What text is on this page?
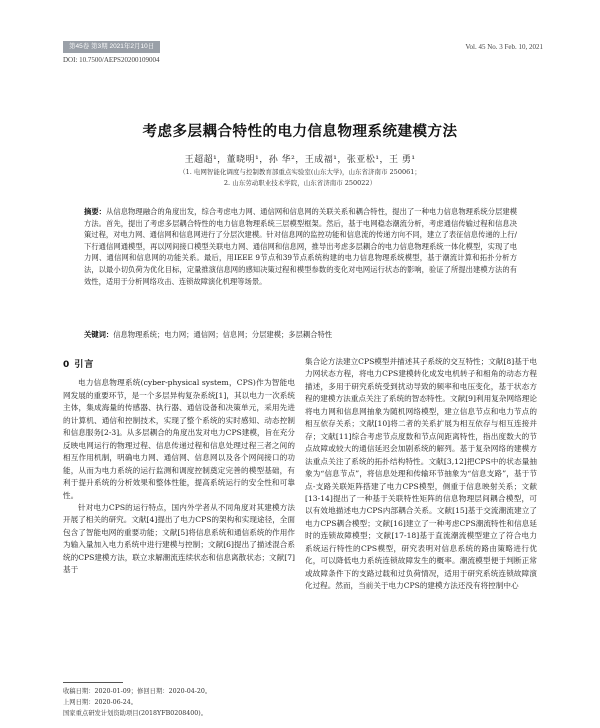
第45卷 第3期 2021年2月10日	Vol. 45 No. 3 Feb. 10, 2021
DOI: 10.7500/AEPS20200109004
考虑多层耦合特性的电力信息物理系统建模方法
王超超¹，董晓明¹，孙 华²，王成福¹，张亚松¹，王 勇¹
（1. 电网智能化调度与控制教育部重点实验室(山东大学)，山东省济南市 250061；
2. 山东劳动职业技术学院，山东省济南市 250022）
摘要：从信息物理融合的角度出发，综合考虑电力网、通信网和信息网的关联关系和耦合特性，提出了一种电力信息物理系统分层建模方法。首先，提出了考虑多层耦合特性的电力信息物理系统三层模型框架。然后，基于电网稳态潮流分析，考虑通信传输过程和信息决策过程，对电力网、通信网和信息网进行了分层次建模。针对信息网的监控功能和信息流的传递方向不同，建立了表征信息传递的上行/下行通信网通模型，再以网间接口模型关联电力网、通信网和信息网，推导出考虑多层耦合的电力信息物理系统一体化模型，实现了电力网、通信网和信息网的功能关系。最后，用IEEE 9节点和39节点系统构建的电力信息物理系统模型，基于潮流计算和拓扑分析方法，以最小切负荷为优化目标，定量推演信息网的感知决策过程和模型参数的变化对电网运行状态的影响，验证了所提出建模方法的有效性，适用于分析网络攻击、连锁故障演化机理等场景。
关键词：信息物理系统；电力网；通信网；信息网；分层建模；多层耦合特性
0 引言

电力信息物理系统(cyber-physical system，CPS)作为智能电网发展的重要环节，是一个多层异构复杂系统[1]，其以电力一次系统主体，集成海量的传感器、执行器、通信设备和决策单元，采用先进的计算机、通信和控制技术，实现了整个系统的实时感知、动态控制和信息服务[2-3]。从多层耦合的角度出发对电力CPS建模，旨在充分反映电网运行的物理过程、信息传递过程和信息处理过程三者之间的相互作用机制，明确电力网、通信网、信息网以及各个网间接口的功能，从而为电力系统的运行监测和调度控制奠定完善的模型基础，有利于提升系统的分析效果和整体性能，提高系统运行的安全性和可靠性。

针对电力CPS的运行特点，国内外学者从不同角度对其建模方法开展了相关的研究。文献[4]提出了电力CPS的架构和实现途径，全面包含了智能电网的重要功能；文献[5]将信息系统和通信系统的作用作为输入量加入电力系统中进行建模与控制；文献[6]提出了描述混合系统的CPS建模方法，联立求解潮流连续状态和信息离散状态；文献[7]基于

集合论方法建立CPS模型并描述其子系统的交互特性；文献[8]基于电力网状态方程，将电力CPS建模转化成发电机转子和相角的动态方程描述，多用于研究系统受到扰动导致的频率和电压变化，基于状态方程的建模方法重点关注了系统的智态特性。文献[9]利用复杂网络理论将电力网和信息网抽象为随机网络模型，建立信息节点和电力节点的相互依存关系；文献[10]将二者的关系扩展为相互依存与相互连接并存；文献[11]综合考虑节点度数和节点间距离特性，指出度数大的节点故障或较大的通信延迟会加剧系统的解列。基于复杂网络的建模方法重点关注了系统的拓扑结构特性。文献[3,12]把CPS中的状态量抽象为“信息节点”，将信息处理和传输环节抽象为“信息支路”，基于节点-支路关联矩阵搭建了电力CPS模型，侧重于信息映射关系；文献[13-14]提出了一种基于关联特性矩阵的信息物理层间耦合模型，可以有效地描述电力CPS内部耦合关系。文献[15]基于交流潮流建立了电力CPS耦合模型；文献[16]建立了一种考虑CPS潮流特性和信息延时的连锁故障模型；文献[17-18]基于直流潮流模型建立了符合电力系统运行特性的CPS模型，研究表明对信息系统的路由策略进行优化，可以降低电力系统连锁故障发生的概率。潮流模型便于判断正常或故障条件下的支路过载和过负荷情况，适用于研究系统连锁故障演化过程。然而，当前关于电力CPS的建模方法还没有将控制中心

收稿日期：2020-01-09；修回日期：2020-04-20。
上网日期：2020-06-24。
国家重点研发计划资助项目(2018YFB0208400)。
